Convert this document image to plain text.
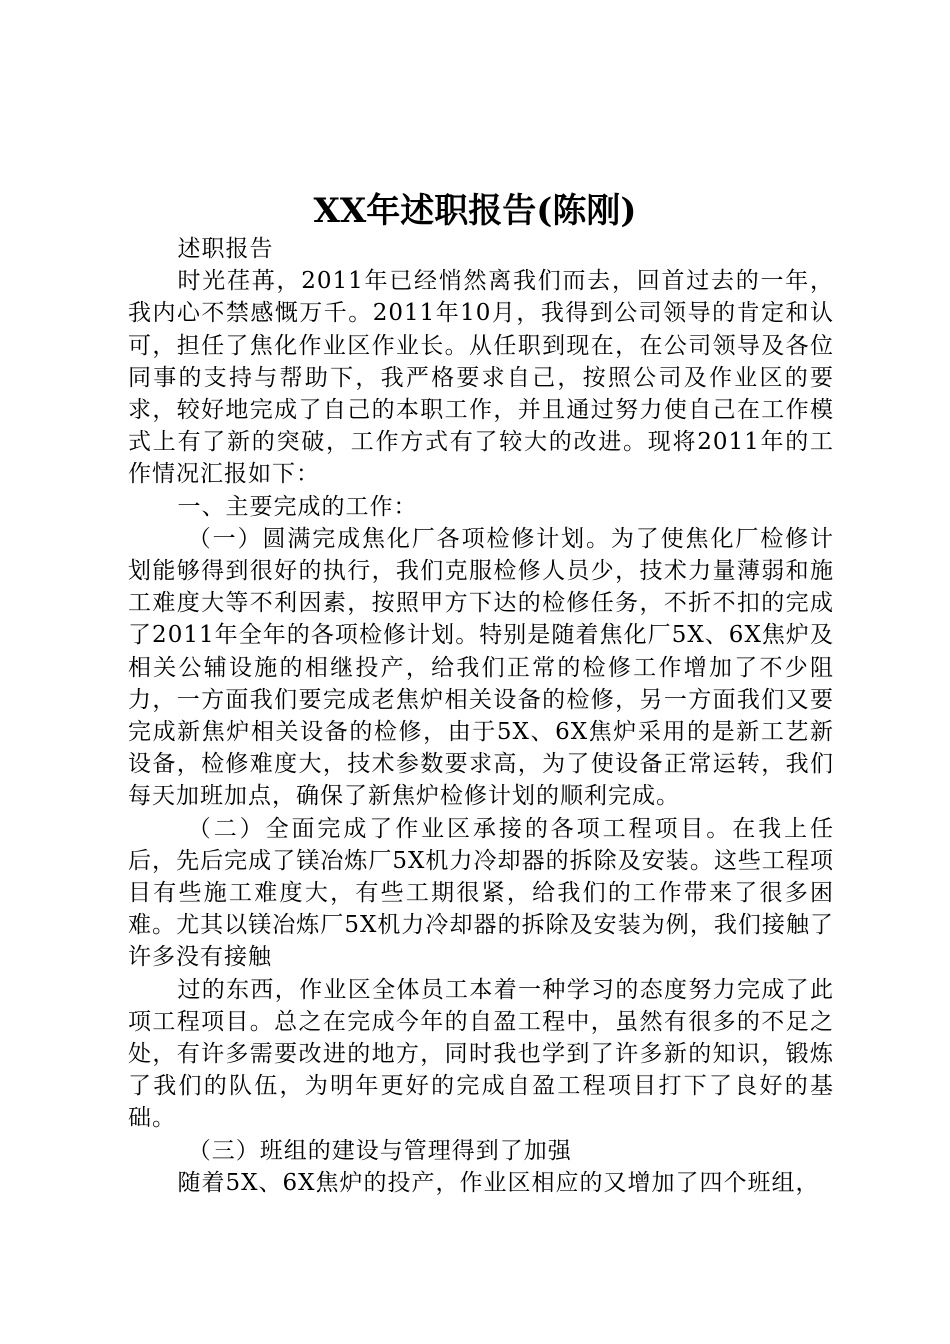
XX年述职报告(陈刚)

述职报告

时光荏苒，2011年已经悄然离我们而去，回首过去的一年，我内心不禁感慨万千。2011年10月，我得到公司领导的肯定和认可，担任了焦化作业区作业长。从任职到现在，在公司领导及各位同事的支持与帮助下，我严格要求自己，按照公司及作业区的要求，较好地完成了自己的本职工作，并且通过努力使自己在工作模式上有了新的突破，工作方式有了较大的改进。现将2011年的工作情况汇报如下：

一、主要完成的工作：

（一）圆满完成焦化厂各项检修计划。为了使焦化厂检修计划能够得到很好的执行，我们克服检修人员少，技术力量薄弱和施工难度大等不利因素，按照甲方下达的检修任务，不折不扣的完成了2011年全年的各项检修计划。特别是随着焦化厂5X、6X焦炉及相关公辅设施的相继投产，给我们正常的检修工作增加了不少阻力，一方面我们要完成老焦炉相关设备的检修，另一方面我们又要完成新焦炉相关设备的检修，由于5X、6X焦炉采用的是新工艺新设备，检修难度大，技术参数要求高，为了使设备正常运转，我们每天加班加点，确保了新焦炉检修计划的顺利完成。

（二）全面完成了作业区承接的各项工程项目。在我上任后，先后完成了镁冶炼厂5X机力冷却器的拆除及安装。这些工程项目有些施工难度大，有些工期很紧，给我们的工作带来了很多困难。尤其以镁冶炼厂5X机力冷却器的拆除及安装为例，我们接触了许多没有接触

过的东西，作业区全体员工本着一种学习的态度努力完成了此项工程项目。总之在完成今年的自盈工程中，虽然有很多的不足之处，有许多需要改进的地方，同时我也学到了许多新的知识，锻炼了我们的队伍，为明年更好的完成自盈工程项目打下了良好的基础。

（三）班组的建设与管理得到了加强

随着5X、6X焦炉的投产，作业区相应的又增加了四个班组，
